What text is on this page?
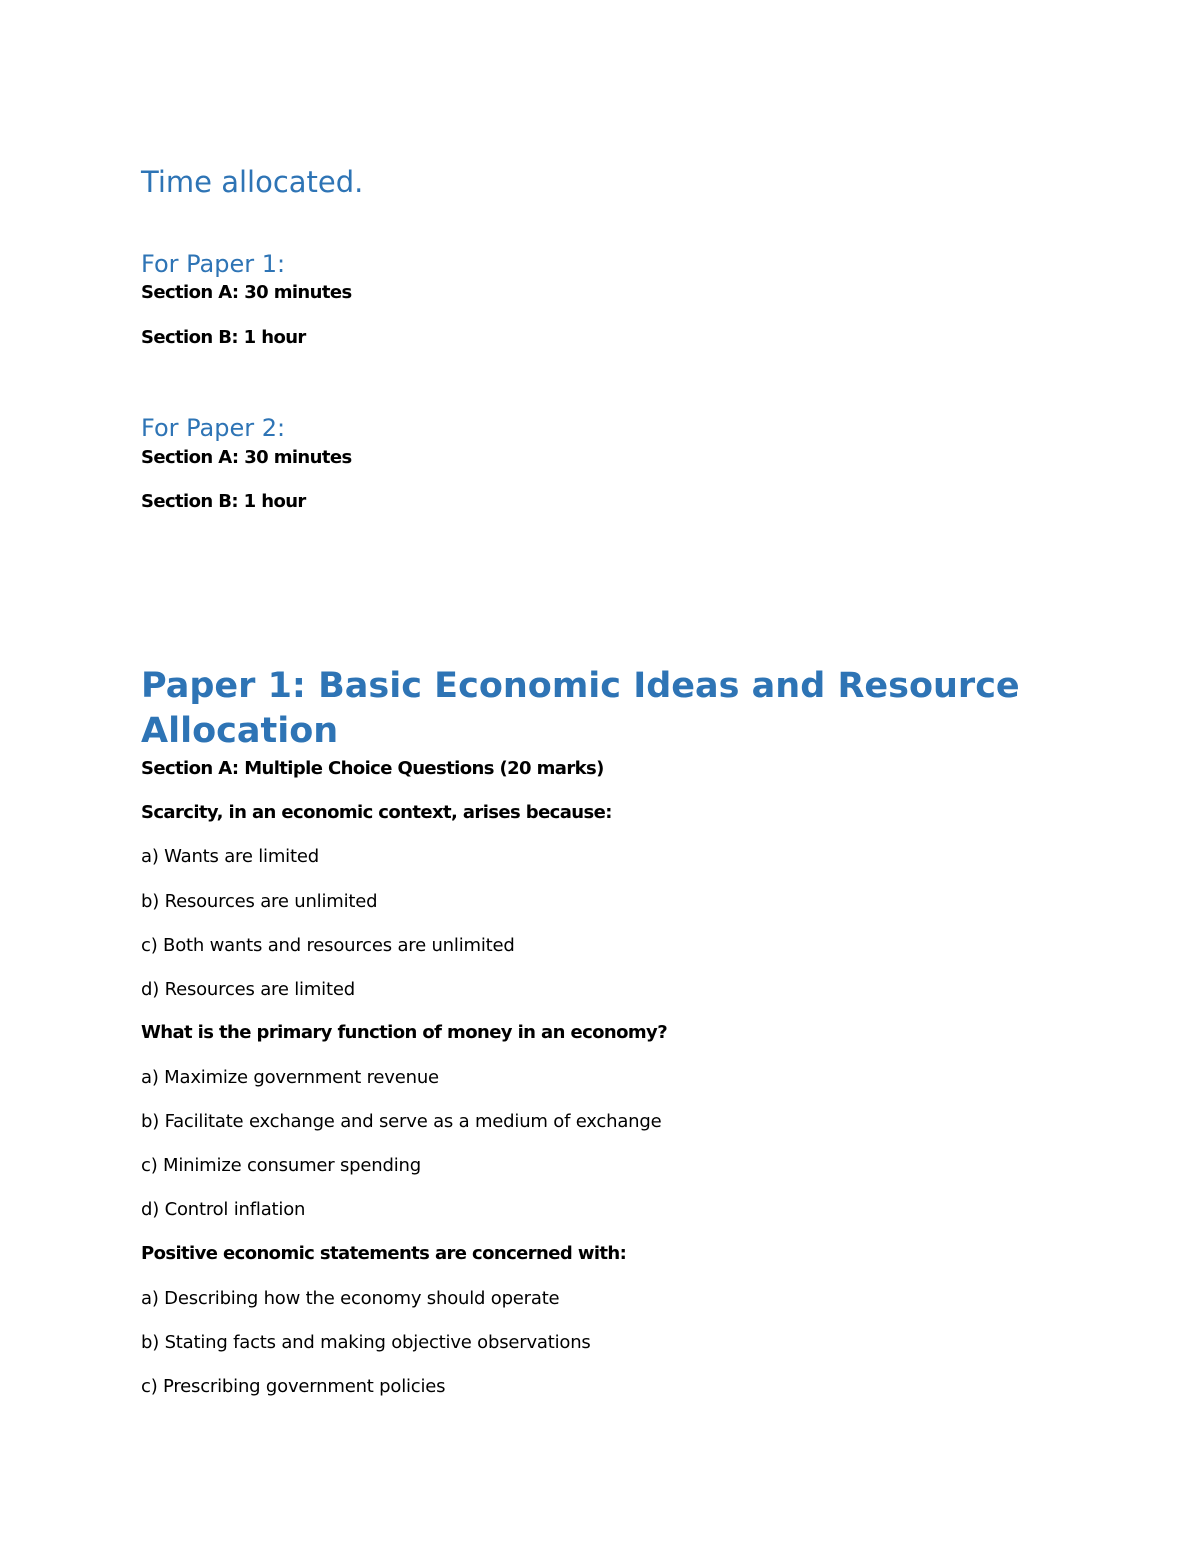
Time allocated.
For Paper 1:
Section A: 30 minutes
Section B: 1 hour
For Paper 2:
Section A: 30 minutes
Section B: 1 hour
Paper 1: Basic Economic Ideas and Resource Allocation
Section A: Multiple Choice Questions (20 marks)
Scarcity, in an economic context, arises because:
a) Wants are limited
b) Resources are unlimited
c) Both wants and resources are unlimited
d) Resources are limited
What is the primary function of money in an economy?
a) Maximize government revenue
b) Facilitate exchange and serve as a medium of exchange
c) Minimize consumer spending
d) Control inflation
Positive economic statements are concerned with:
a) Describing how the economy should operate
b) Stating facts and making objective observations
c) Prescribing government policies
